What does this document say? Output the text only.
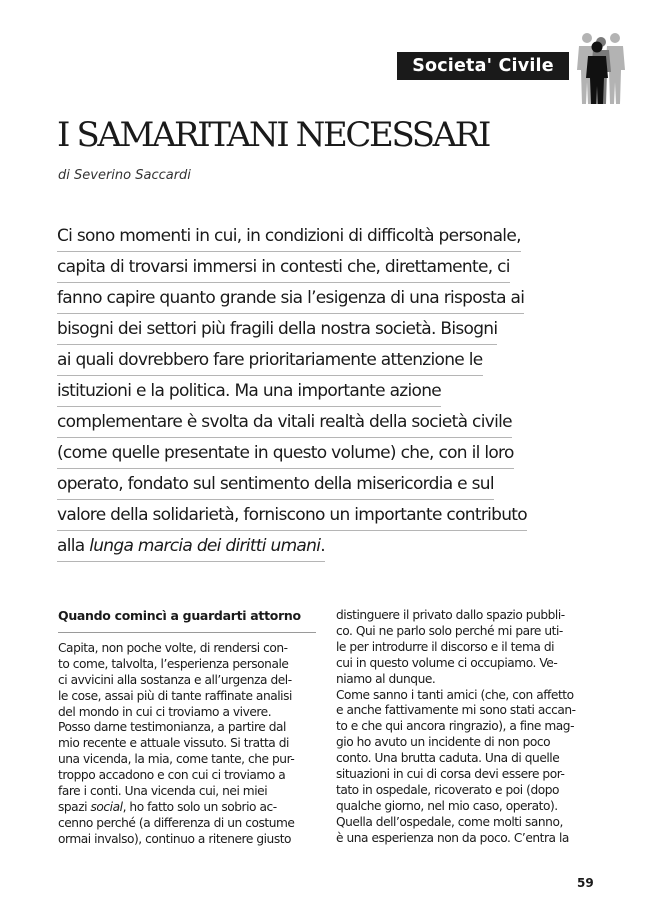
Societa' Civile
I SAMARITANI NECESSARI
di Severino Saccardi
Ci sono momenti in cui, in condizioni di difficoltà personale,
capita di trovarsi immersi in contesti che, direttamente, ci
fanno capire quanto grande sia l’esigenza di una risposta ai
bisogni dei settori più fragili della nostra società. Bisogni
ai quali dovrebbero fare prioritariamente attenzione le
istituzioni e la politica. Ma una importante azione
complementare è svolta da vitali realtà della società civile
(come quelle presentate in questo volume) che, con il loro
operato, fondato sul sentimento della misericordia e sul
valore della solidarietà, forniscono un importante contributo
alla lunga marcia dei diritti umani.
Quando comincì a guardarti attorno
Capita, non poche volte, di rendersi con-
to come, talvolta, l’esperienza personale
ci avvicini alla sostanza e all’urgenza del-
le cose, assai più di tante raffinate analisi
del mondo in cui ci troviamo a vivere.
Posso darne testimonianza, a partire dal
mio recente e attuale vissuto. Si tratta di
una vicenda, la mia, come tante, che pur-
troppo accadono e con cui ci troviamo a
fare i conti. Una vicenda cui, nei miei
spazi social, ho fatto solo un sobrio ac-
cenno perché (a differenza di un costume
ormai invalso), continuo a ritenere giusto
distinguere il privato dallo spazio pubbli-
co. Qui ne parlo solo perché mi pare uti-
le per introdurre il discorso e il tema di
cui in questo volume ci occupiamo. Ve-
niamo al dunque.
Come sanno i tanti amici (che, con affetto
e anche fattivamente mi sono stati accan-
to e che qui ancora ringrazio), a fine mag-
gio ho avuto un incidente di non poco
conto. Una brutta caduta. Una di quelle
situazioni in cui di corsa devi essere por-
tato in ospedale, ricoverato e poi (dopo
qualche giorno, nel mio caso, operato).
Quella dell’ospedale, come molti sanno,
è una esperienza non da poco. C’entra la
59
